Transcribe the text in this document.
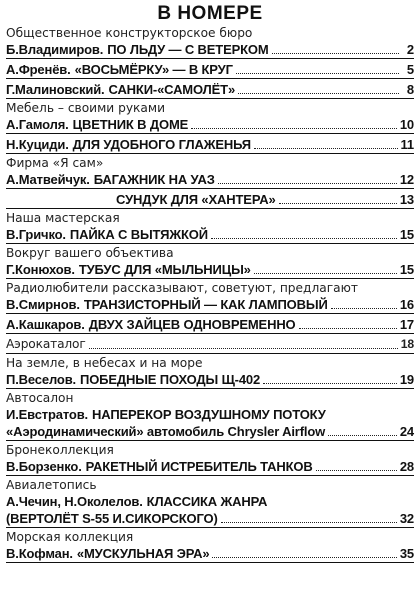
В НОМЕРЕ
Общественное конструкторское бюро
Б.Владимиров. ПО ЛЬДУ — С ВЕТЕРКОМ	2
А.Френёв. «ВОСЬМЁРКУ» — В КРУГ	5
Г.Малиновский. САНКИ-«САМОЛЁТ»	8
Мебель – своими руками
А.Гамоля. ЦВЕТНИК В ДОМЕ	10
Н.Куциди. ДЛЯ УДОБНОГО ГЛАЖЕНЬЯ	11
Фирма «Я сам»
А.Матвейчук. БАГАЖНИК НА УАЗ	12
СУНДУК ДЛЯ «ХАНТЕРА»	13
Наша мастерская
В.Гричко. ПАЙКА С ВЫТЯЖКОЙ	15
Вокруг вашего объектива
Г.Конюхов. ТУБУС ДЛЯ «МЫЛЬНИЦЫ»	15
Радиолюбители рассказывают, советуют, предлагают
В.Смирнов. ТРАНЗИСТОРНЫЙ — КАК ЛАМПОВЫЙ	16
А.Кашкаров. ДВУХ ЗАЙЦЕВ ОДНОВРЕМЕННО	17
Аэрокаталог	18
На земле, в небесах и на море
П.Веселов. ПОБЕДНЫЕ ПОХОДЫ Щ-402	19
Автосалон
И.Евстратов. НАПЕРЕКОР ВОЗДУШНОМУ ПОТОКУ
«Аэродинамический» автомобиль Chrysler Airflow	24
Бронеколлекция
В.Борзенко. РАКЕТНЫЙ ИСТРЕБИТЕЛЬ ТАНКОВ	28
Авиалетопись
А.Чечин, Н.Околелов. КЛАССИКА ЖАНРА
(ВЕРТОЛЁТ S-55 И.СИКОРСКОГО)	32
Морская коллекция
В.Кофман. «МУСКУЛЬНАЯ ЭРА»	35
